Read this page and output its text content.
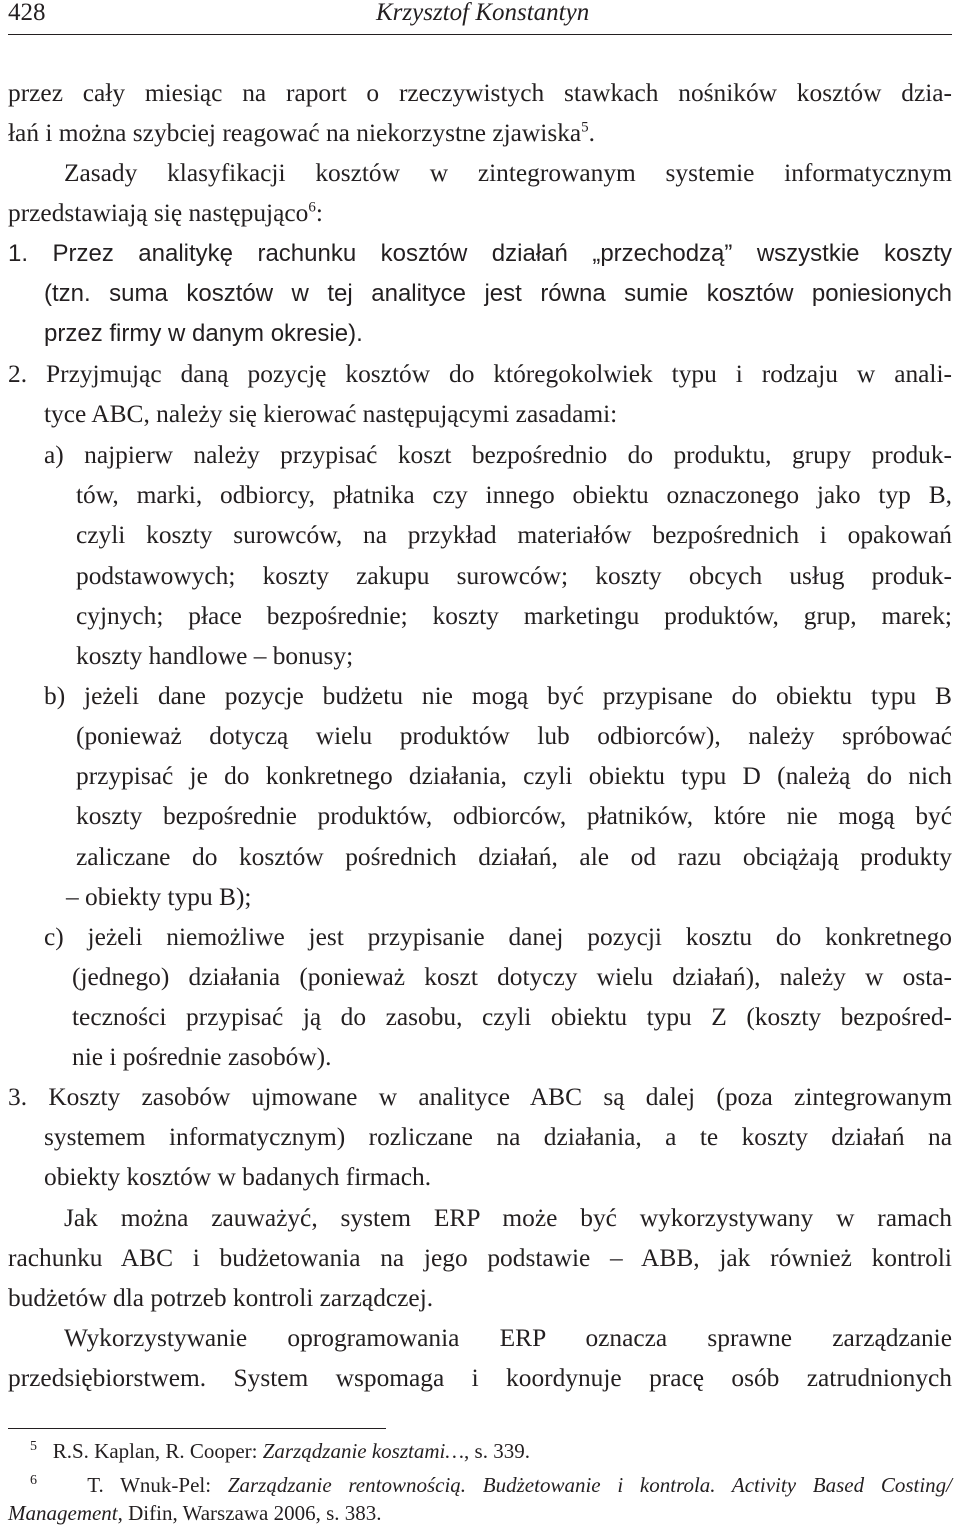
428	Krzysztof Konstantyn
przez cały miesiąc na raport o rzeczywistych stawkach nośników kosztów dzia-
łań i można szybciej reagować na niekorzystne zjawiska$^5$.
Zasady klasyfikacji kosztów w zintegrowanym systemie informatycznym
przedstawiają się następująco$^6$:
1. Przez analitykę rachunku kosztów działań „przechodzą” wszystkie koszty
(tzn. suma kosztów w tej analityce jest równa sumie kosztów poniesionych
przez firmy w danym okresie).
2. Przyjmując daną pozycję kosztów do któregokolwiek typu i rodzaju w anali-
tyce ABC, należy się kierować następującymi zasadami:
a) najpierw należy przypisać koszt bezpośrednio do produktu, grupy produk-
tów, marki, odbiorcy, płatnika czy innego obiektu oznaczonego jako typ B,
czyli koszty surowców, na przykład materiałów bezpośrednich i opakowań
podstawowych; koszty zakupu surowców; koszty obcych usług produk-
cyjnych; płace bezpośrednie; koszty marketingu produktów, grup, marek;
koszty handlowe – bonusy;
b) jeżeli dane pozycje budżetu nie mogą być przypisane do obiektu typu B
(ponieważ dotyczą wielu produktów lub odbiorców), należy spróbować
przypisać je do konkretnego działania, czyli obiektu typu D (należą do nich
koszty bezpośrednie produktów, odbiorców, płatników, które nie mogą być
zaliczane do kosztów pośrednich działań, ale od razu obciążają produkty
– obiekty typu B);
c) jeżeli niemożliwe jest przypisanie danej pozycji kosztu do konkretnego
(jednego) działania (ponieważ koszt dotyczy wielu działań), należy w osta-
teczności przypisać ją do zasobu, czyli obiektu typu Z (koszty bezpośred-
nie i pośrednie zasobów).
3. Koszty zasobów ujmowane w analityce ABC są dalej (poza zintegrowanym
systemem informatycznym) rozliczane na działania, a te koszty działań na
obiekty kosztów w badanych firmach.
Jak można zauważyć, system ERP może być wykorzystywany w ramach
rachunku ABC i budżetowania na jego podstawie – ABB, jak również kontroli
budżetów dla potrzeb kontroli zarządczej.
Wykorzystywanie oprogramowania ERP oznacza sprawne zarządzanie
przedsiębiorstwem. System wspomaga i koordynuje pracę osób zatrudnionych
$^5$ R.S. Kaplan, R. Cooper: Zarządzanie kosztami…, s. 339.
$^6$ T. Wnuk-Pel: Zarządzanie rentownością. Budżetowanie i kontrola. Activity Based Costing/
Management, Difin, Warszawa 2006, s. 383.
